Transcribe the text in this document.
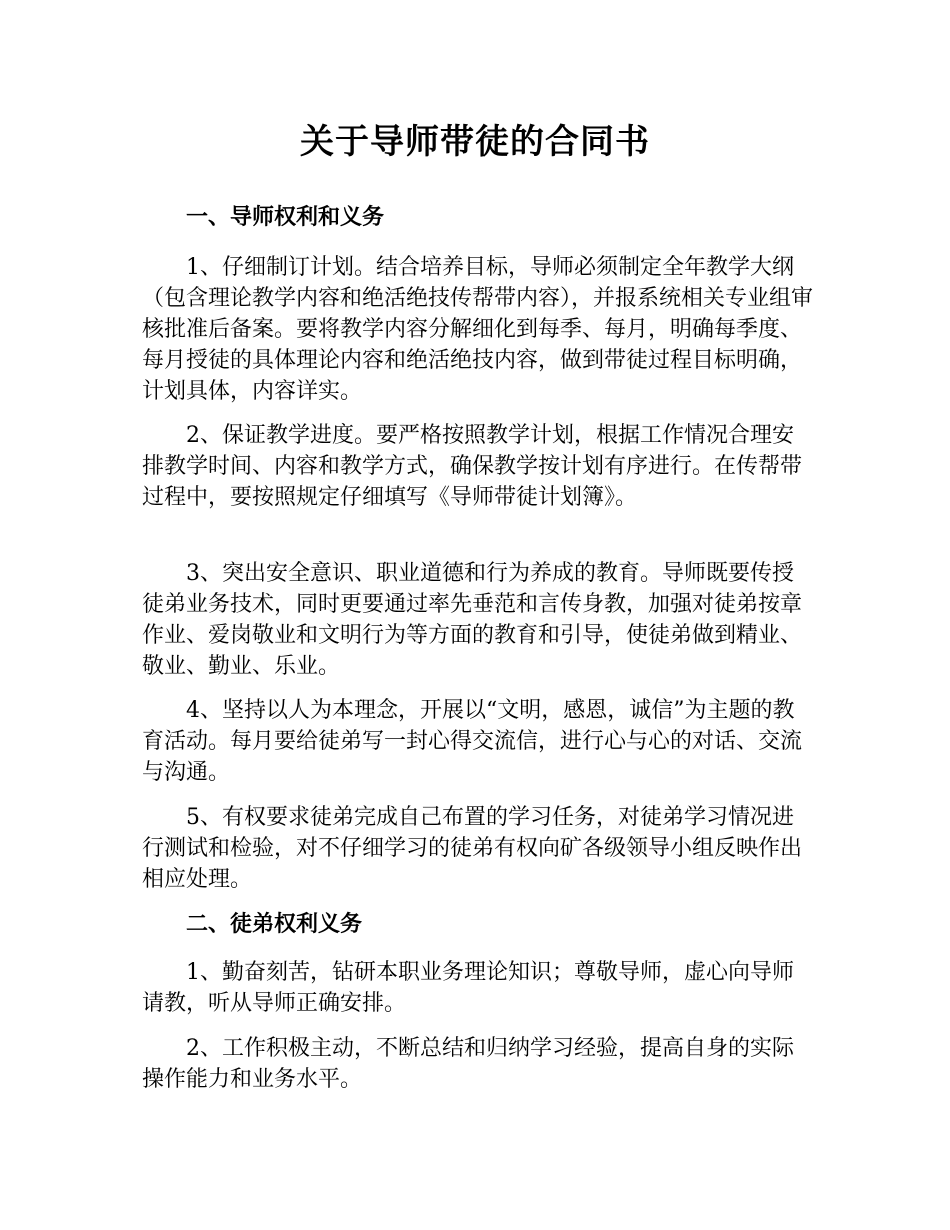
关于导师带徒的合同书
一、导师权利和义务

1、仔细制订计划。结合培养目标，导师必须制定全年教学大纲（包含理论教学内容和绝活绝技传帮带内容），并报系统相关专业组审核批准后备案。要将教学内容分解细化到每季、每月，明确每季度、每月授徒的具体理论内容和绝活绝技内容，做到带徒过程目标明确，计划具体，内容详实。

2、保证教学进度。要严格按照教学计划，根据工作情况合理安排教学时间、内容和教学方式，确保教学按计划有序进行。在传帮带过程中，要按照规定仔细填写《导师带徒计划簿》。

3、突出安全意识、职业道德和行为养成的教育。导师既要传授徒弟业务技术，同时更要通过率先垂范和言传身教，加强对徒弟按章作业、爱岗敬业和文明行为等方面的教育和引导，使徒弟做到精业、敬业、勤业、乐业。

4、坚持以人为本理念，开展以“文明，感恩，诚信”为主题的教育活动。每月要给徒弟写一封心得交流信，进行心与心的对话、交流与沟通。

5、有权要求徒弟完成自己布置的学习任务，对徒弟学习情况进行测试和检验，对不仔细学习的徒弟有权向矿各级领导小组反映作出相应处理。

二、徒弟权利义务

1、勤奋刻苦，钻研本职业务理论知识；尊敬导师，虚心向导师请教，听从导师正确安排。

2、工作积极主动，不断总结和归纳学习经验，提高自身的实际操作能力和业务水平。
